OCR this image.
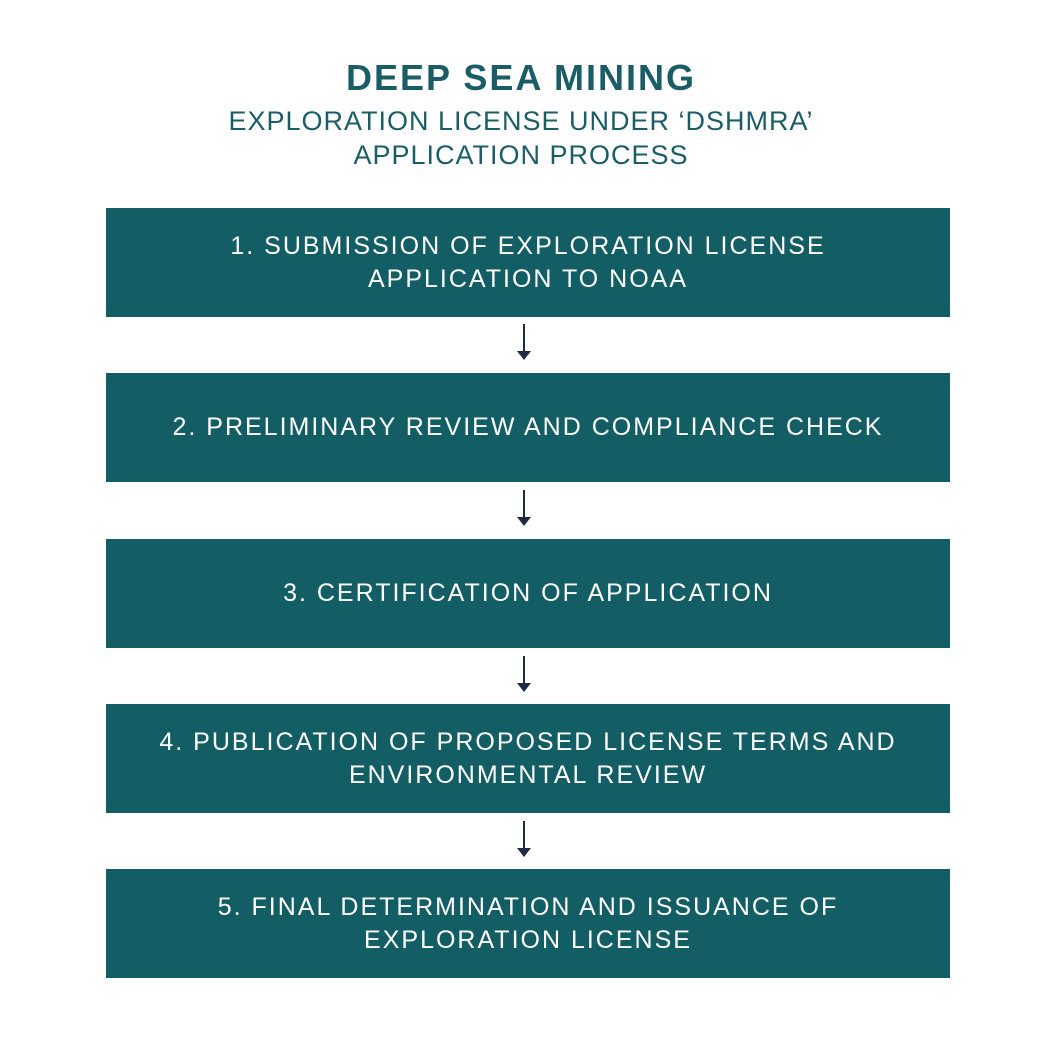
DEEP SEA MINING
EXPLORATION LICENSE UNDER ‘DSHMRA’
APPLICATION PROCESS
1. SUBMISSION OF EXPLORATION LICENSE
APPLICATION TO NOAA
2. PRELIMINARY REVIEW AND COMPLIANCE CHECK
3. CERTIFICATION OF APPLICATION
4. PUBLICATION OF PROPOSED LICENSE TERMS AND
ENVIRONMENTAL REVIEW
5. FINAL DETERMINATION AND ISSUANCE OF
EXPLORATION LICENSE
